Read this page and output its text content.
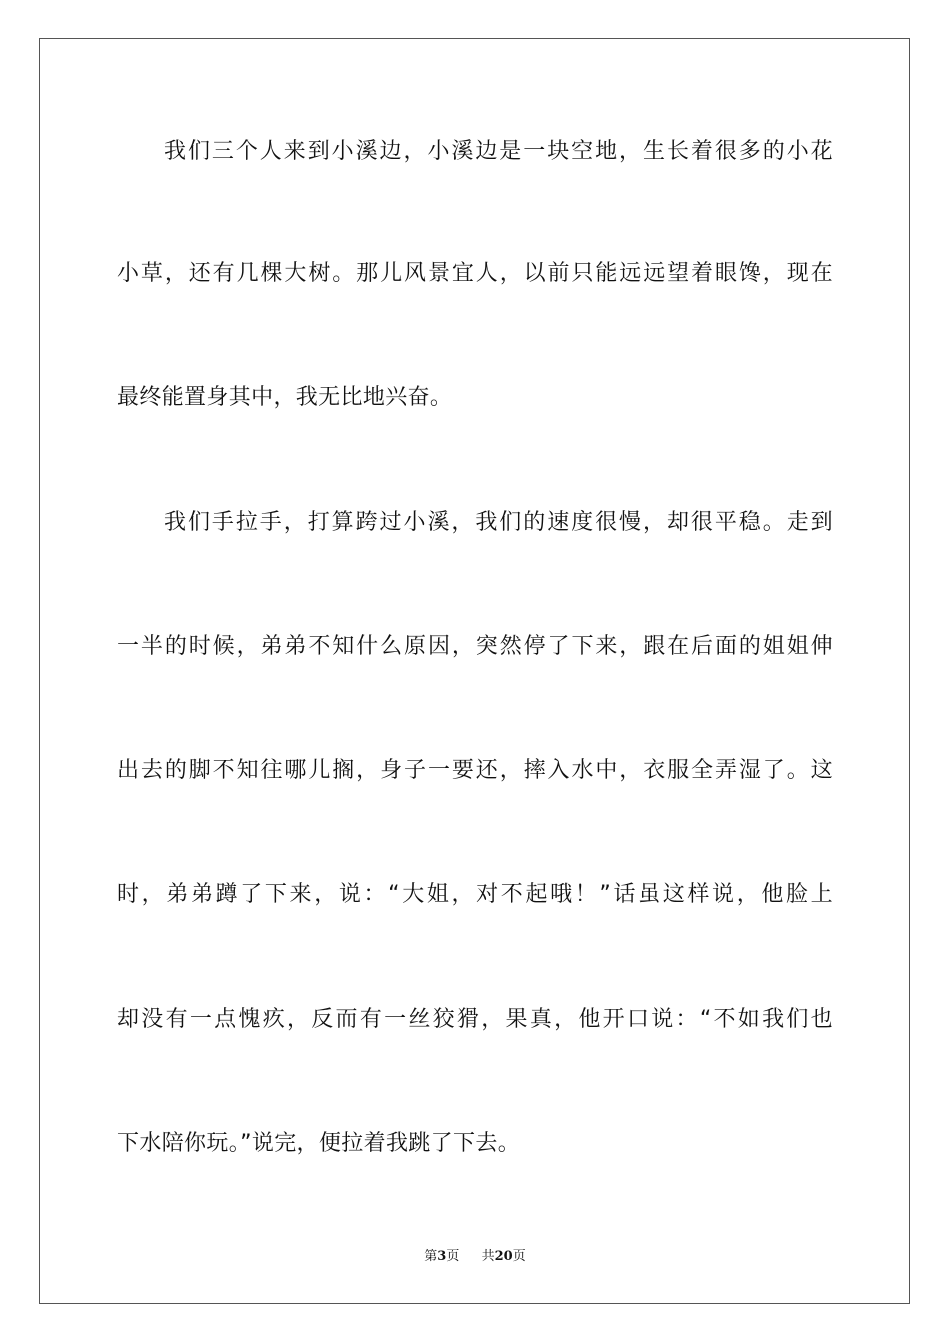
我们三个人来到小溪边，小溪边是一块空地，生长着很多的小花
小草，还有几棵大树。那儿风景宜人，以前只能远远望着眼馋，现在
最终能置身其中，我无比地兴奋。
我们手拉手，打算跨过小溪，我们的速度很慢，却很平稳。走到
一半的时候，弟弟不知什么原因，突然停了下来，跟在后面的姐姐伸
出去的脚不知往哪儿搁，身子一要还，摔入水中，衣服全弄湿了。这
时，弟弟蹲了下来，说：“大姐，对不起哦！”话虽这样说，他脸上
却没有一点愧疚，反而有一丝狡猾，果真，他开口说：“不如我们也
下水陪你玩。”说完，便拉着我跳了下去。
第3页 共20页
